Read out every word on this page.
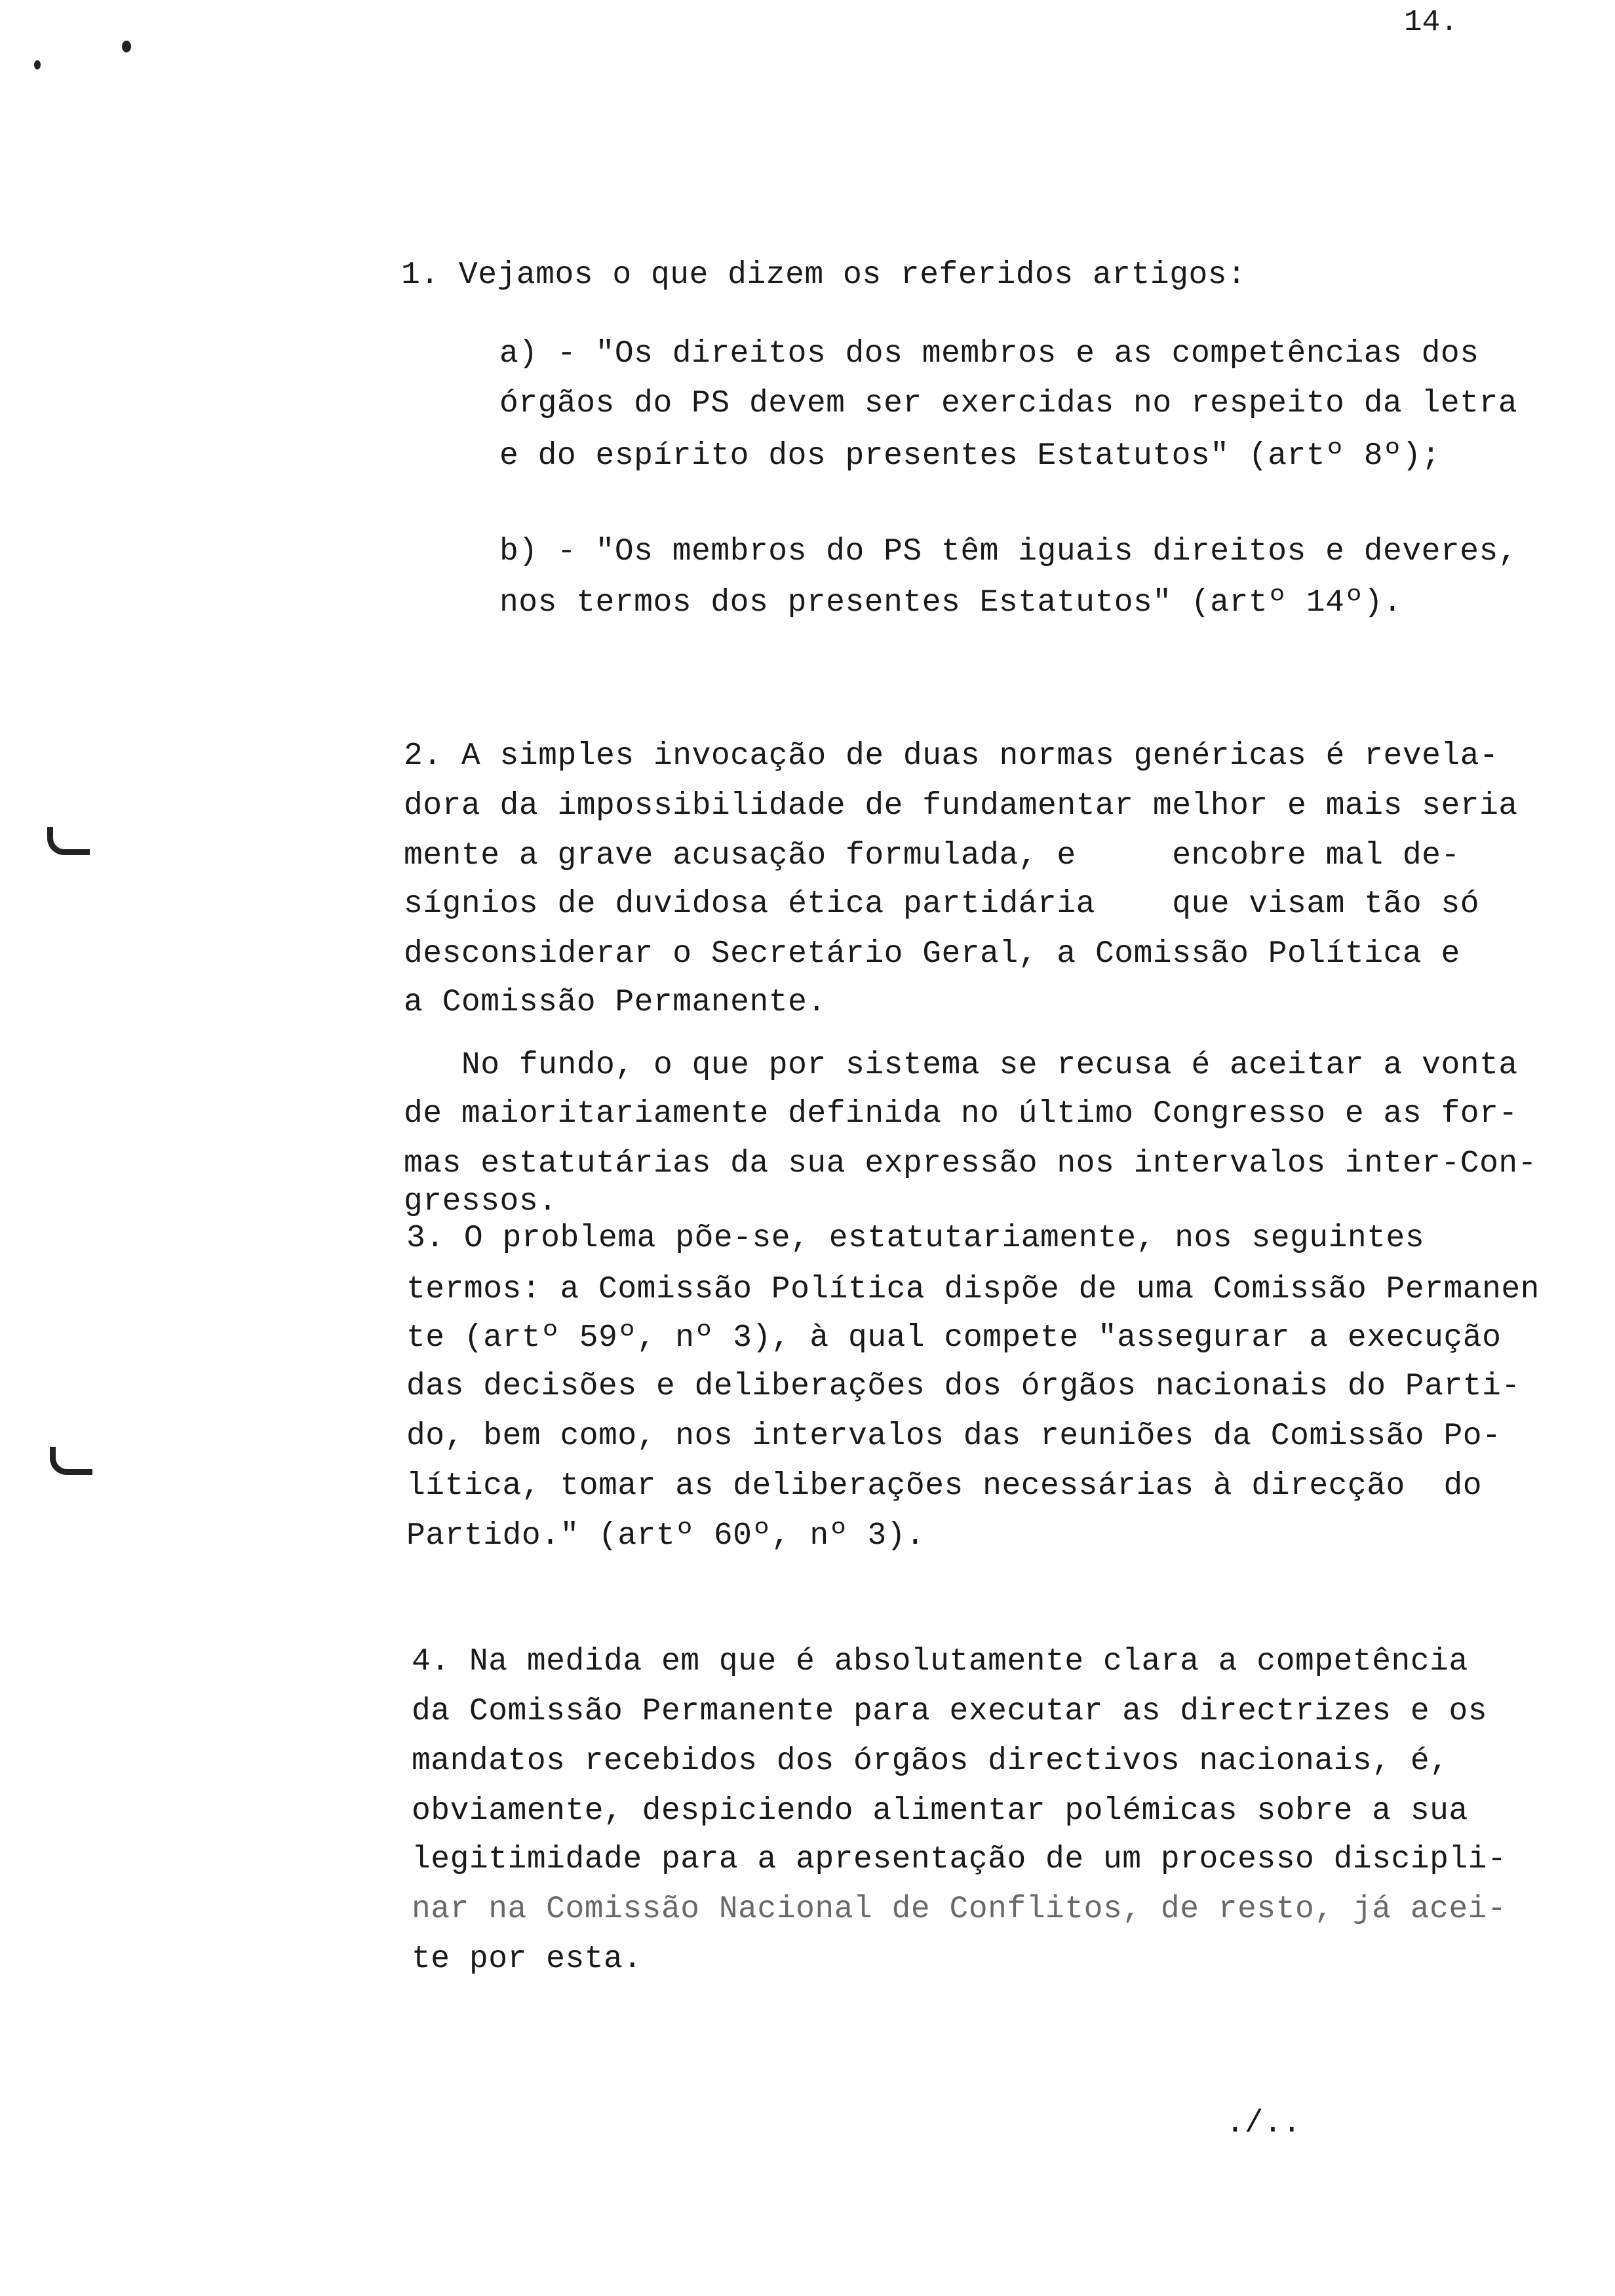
14.
1. Vejamos o que dizem os referidos artigos:
a) - "Os direitos dos membros e as competências dos
órgãos do PS devem ser exercidas no respeito da letra
e do espírito dos presentes Estatutos" (artº 8º);
b) - "Os membros do PS têm iguais direitos e deveres,
nos termos dos presentes Estatutos" (artº 14º).
2. A simples invocação de duas normas genéricas é revela-
dora da impossibilidade de fundamentar melhor e mais seria
mente a grave acusação formulada, e     encobre mal de-
sígnios de duvidosa ética partidária    que visam tão só
desconsiderar o Secretário Geral, a Comissão Política e
a Comissão Permanente.
No fundo, o que por sistema se recusa é aceitar a vonta
de maioritariamente definida no último Congresso e as for-
mas estatutárias da sua expressão nos intervalos inter-Con-
gressos.
3. O problema põe-se, estatutariamente, nos seguintes
termos: a Comissão Política dispõe de uma Comissão Permanen
te (artº 59º, nº 3), à qual compete "assegurar a execução
das decisões e deliberações dos órgãos nacionais do Parti-
do, bem como, nos intervalos das reuniões da Comissão Po-
lítica, tomar as deliberações necessárias à direcção  do
Partido." (artº 60º, nº 3).
4. Na medida em que é absolutamente clara a competência
da Comissão Permanente para executar as directrizes e os
mandatos recebidos dos órgãos directivos nacionais, é,
obviamente, despiciendo alimentar polémicas sobre a sua
legitimidade para a apresentação de um processo discipli-
nar na Comissão Nacional de Conflitos, de resto, já acei-
te por esta.
./..
